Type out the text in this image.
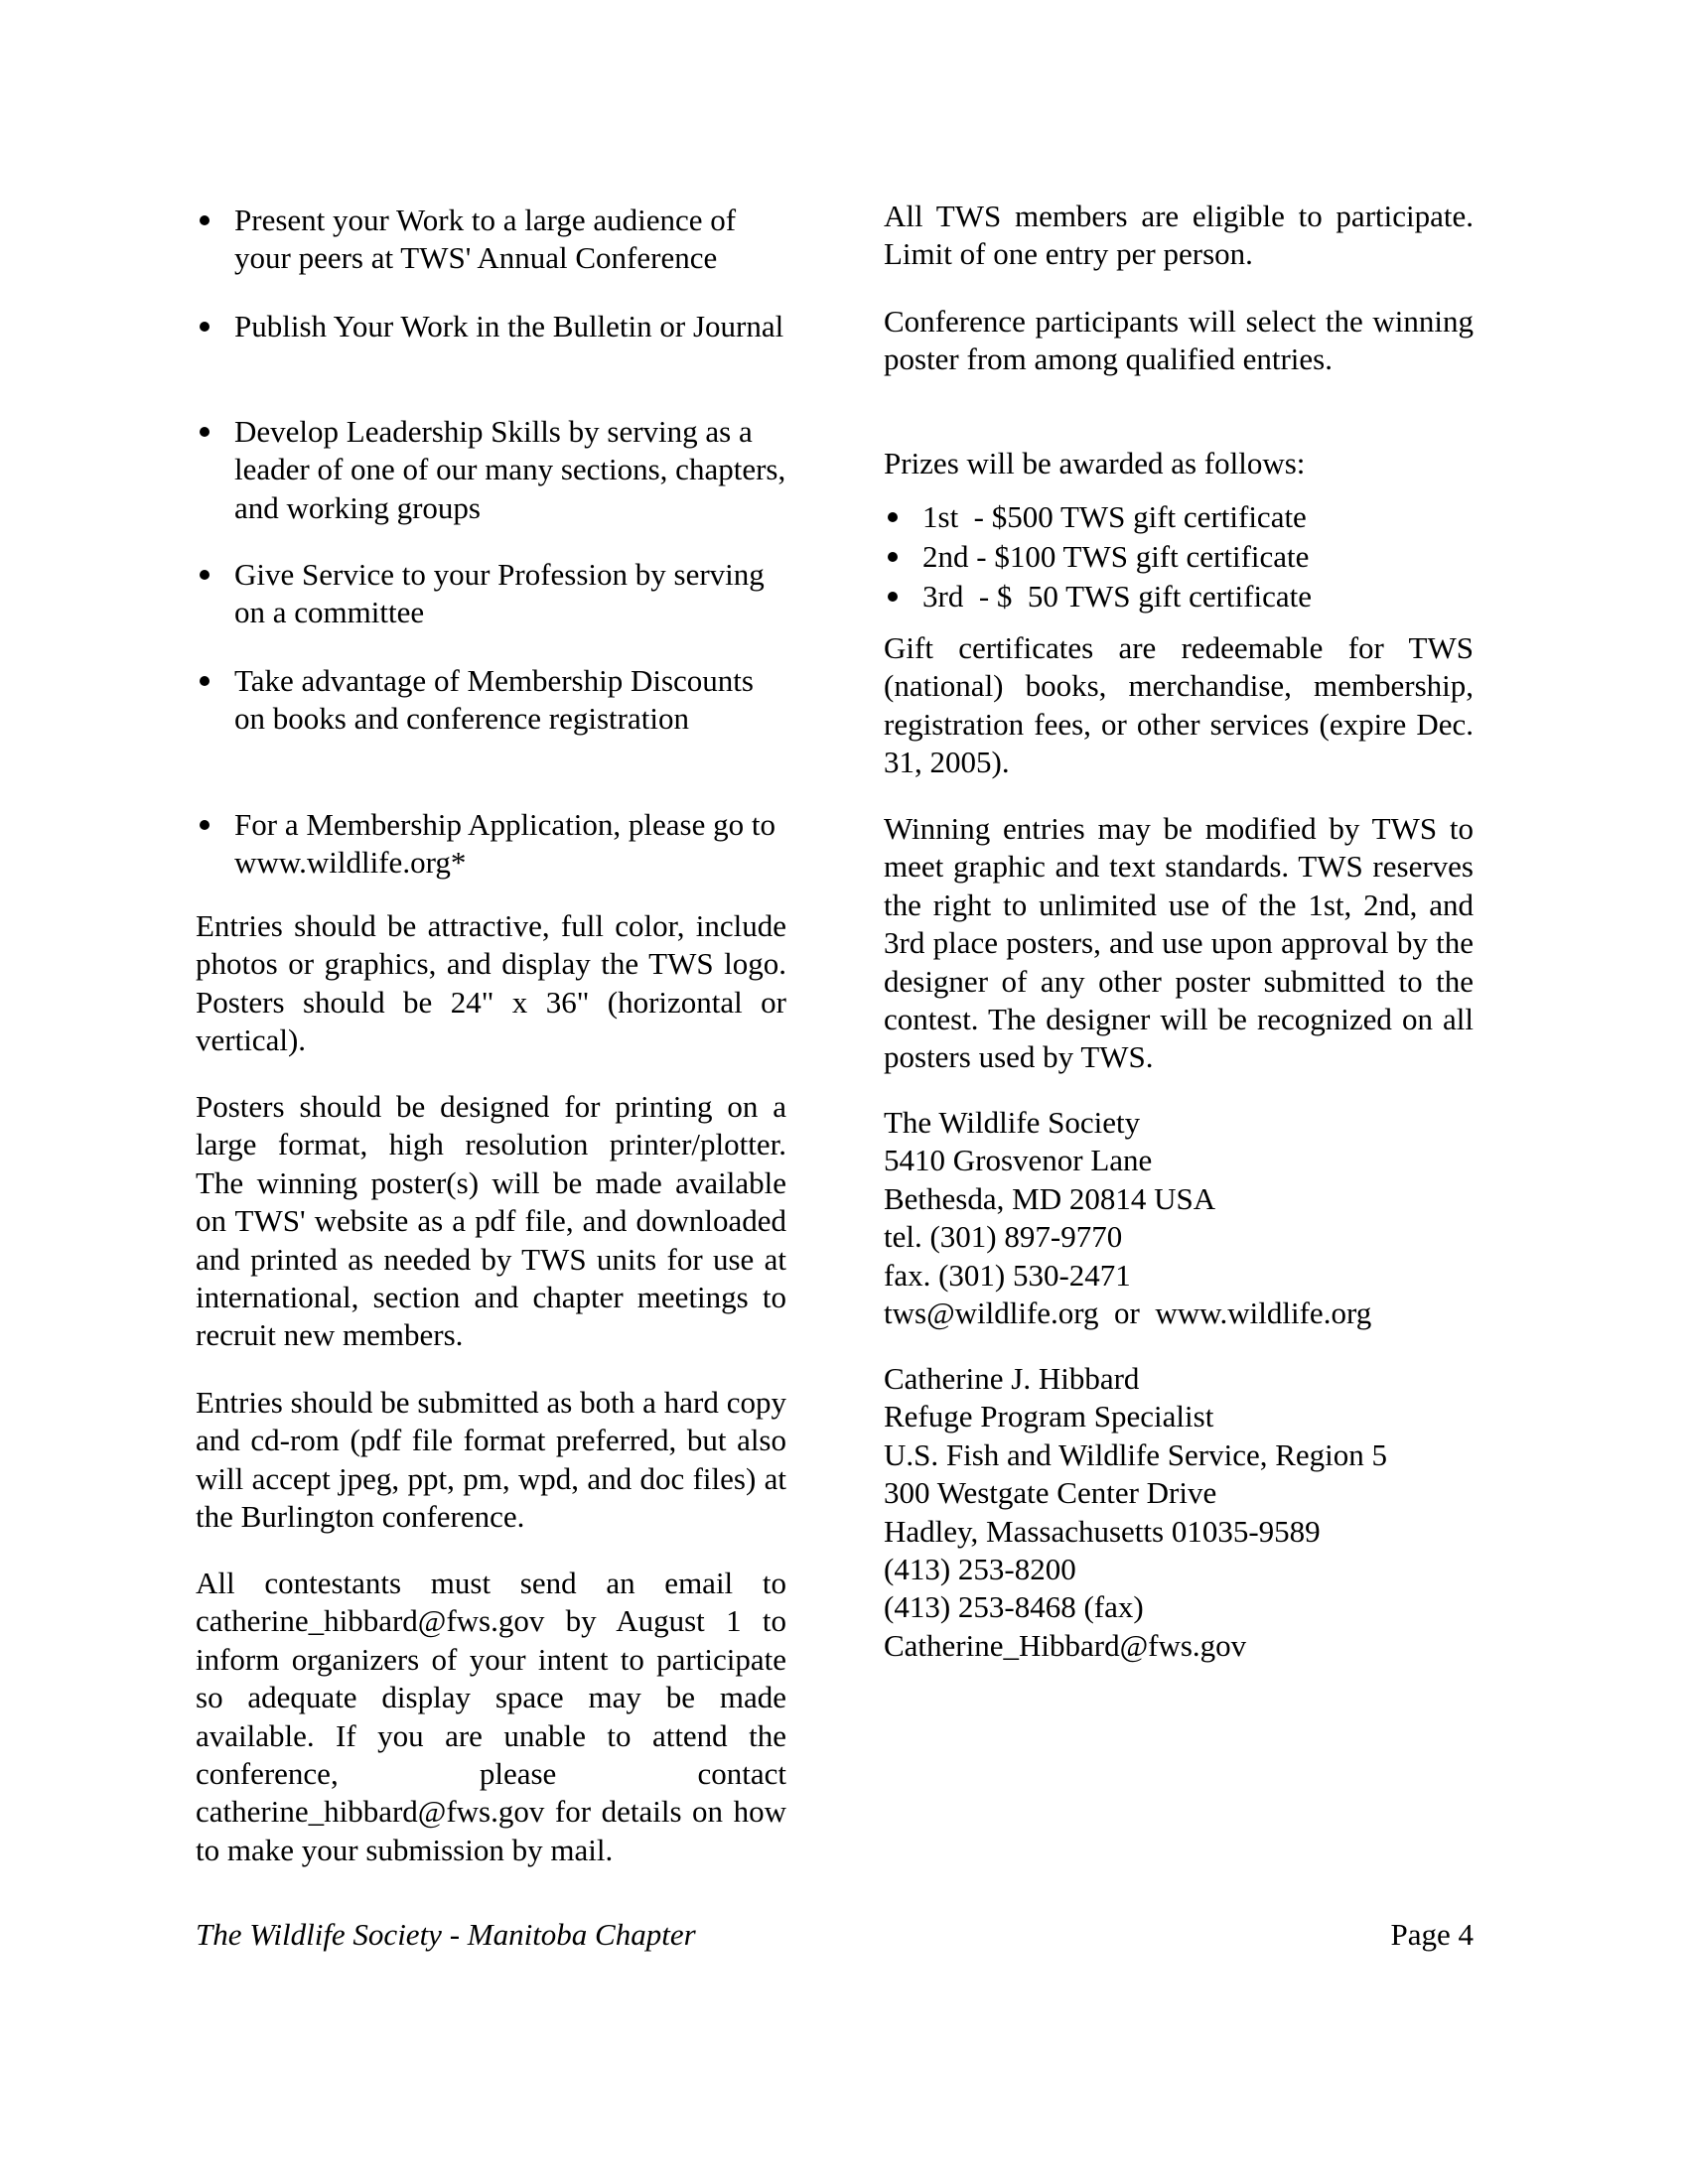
Present your Work to a large audience of your peers at TWS' Annual Conference
Publish Your Work in the Bulletin or Journal
Develop Leadership Skills by serving as a leader of one of our many sections, chapters, and working groups
Give Service to your Profession by serving on a committee
Take advantage of Membership Discounts on books and conference registration
For a Membership Application, please go to www.wildlife.org*

Entries should be attractive, full color, include photos or graphics, and display the TWS logo. Posters should be 24" x 36" (horizontal or vertical).

Posters should be designed for printing on a large format, high resolution printer/plotter. The winning poster(s) will be made available on TWS' website as a pdf file, and downloaded and printed as needed by TWS units for use at international, section and chapter meetings to recruit new members.

Entries should be submitted as both a hard copy and cd-rom (pdf file format preferred, but also will accept jpeg, ppt, pm, wpd, and doc files) at the Burlington conference.

All contestants must send an email to catherine_hibbard@fws.gov by August 1 to inform organizers of your intent to participate so adequate display space may be made available. If you are unable to attend the conference, please contact catherine_hibbard@fws.gov for details on how to make your submission by mail.

All TWS members are eligible to participate. Limit of one entry per person.

Conference participants will select the winning poster from among qualified entries.

Prizes will be awarded as follows:

1st  - $500 TWS gift certificate
2nd - $100 TWS gift certificate
3rd  - $  50 TWS gift certificate

Gift certificates are redeemable for TWS (national) books, merchandise, membership, registration fees, or other services (expire Dec. 31, 2005).

Winning entries may be modified by TWS to meet graphic and text standards. TWS reserves the right to unlimited use of the 1st, 2nd, and 3rd place posters, and use upon approval by the designer of any other poster submitted to the contest. The designer will be recognized on all posters used by TWS.

The Wildlife Society
5410 Grosvenor Lane
Bethesda, MD 20814 USA
tel. (301) 897-9770
fax. (301) 530-2471
tws@wildlife.org  or  www.wildlife.org
Catherine J. Hibbard
Refuge Program Specialist
U.S. Fish and Wildlife Service, Region 5
300 Westgate Center Drive
Hadley, Massachusetts 01035-9589
(413) 253-8200
(413) 253-8468 (fax)
Catherine_Hibbard@fws.gov
The Wildlife Society - Manitoba Chapter	Page 4
